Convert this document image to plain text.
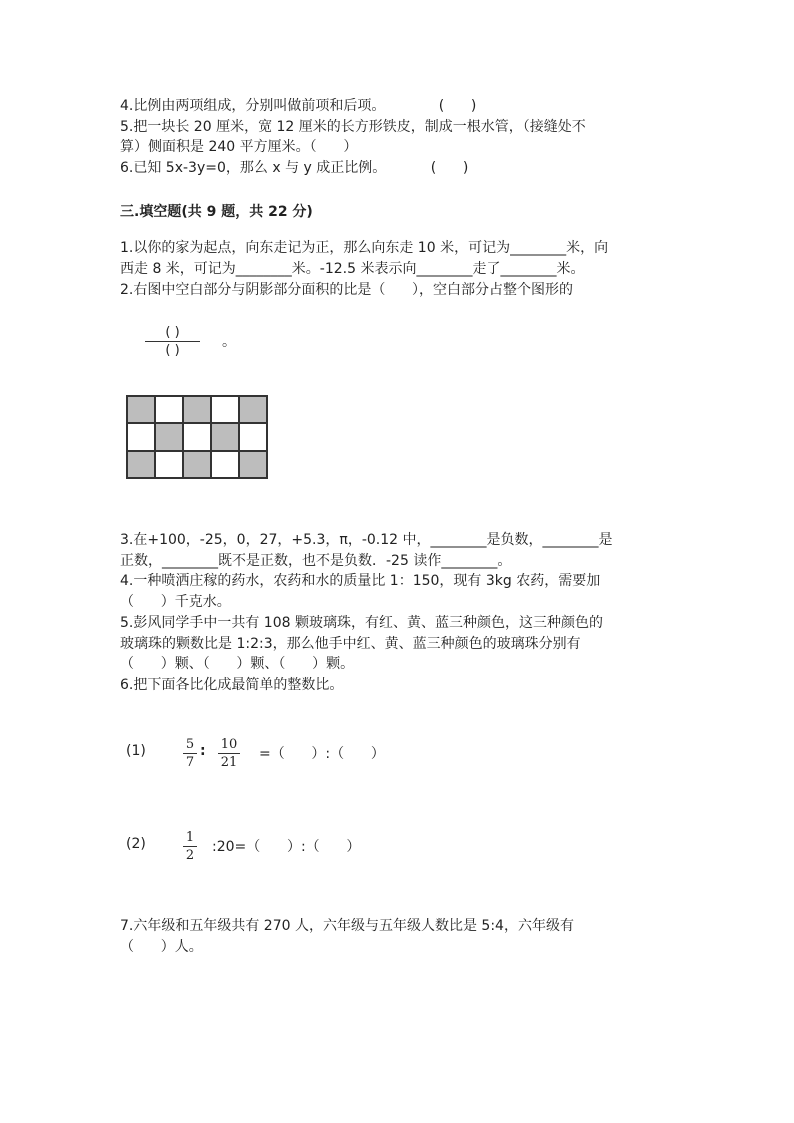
4.比例由两项组成，分别叫做前项和后项。            (      )
5.把一块长 20 厘米，宽 12 厘米的长方形铁皮，制成一根水管，（接缝处不
算）侧面积是 240 平方厘米。（      ）
6.已知 5x-3y=0，那么 x 与 y 成正比例。          (      )
三.填空题(共 9 题，共 22 分)
1.以你的家为起点，向东走记为正，那么向东走 10 米，可记为________米，向
西走 8 米，可记为________米。-12.5 米表示向________走了________米。
2.右图中空白部分与阴影部分面积的比是（      ），空白部分占整个图形的
( )
( )
。
3.在+100，-25，0，27，+5.3，π，-0.12 中，________是负数，________是
正数，________既不是正数，也不是负数．-25 读作________。
4.一种喷洒庄稼的药水，农药和水的质量比 1：150，现有 3kg 农药，需要加
（      ）千克水。
5.彭风同学手中一共有 108 颗玻璃珠，有红、黄、蓝三种颜色，这三种颜色的
玻璃珠的颗数比是 1:2:3，那么他手中红、黄、蓝三种颜色的玻璃珠分别有
（      ）颗、（      ）颗、（      ）颗。
6.把下面各比化成最简单的整数比。
(1)	5
7
: 10
21
=（      ）:（      ）
(2)	1
2
:20=（      ）:（      ）
7.六年级和五年级共有 270 人，六年级与五年级人数比是 5:4，六年级有
（      ）人。
